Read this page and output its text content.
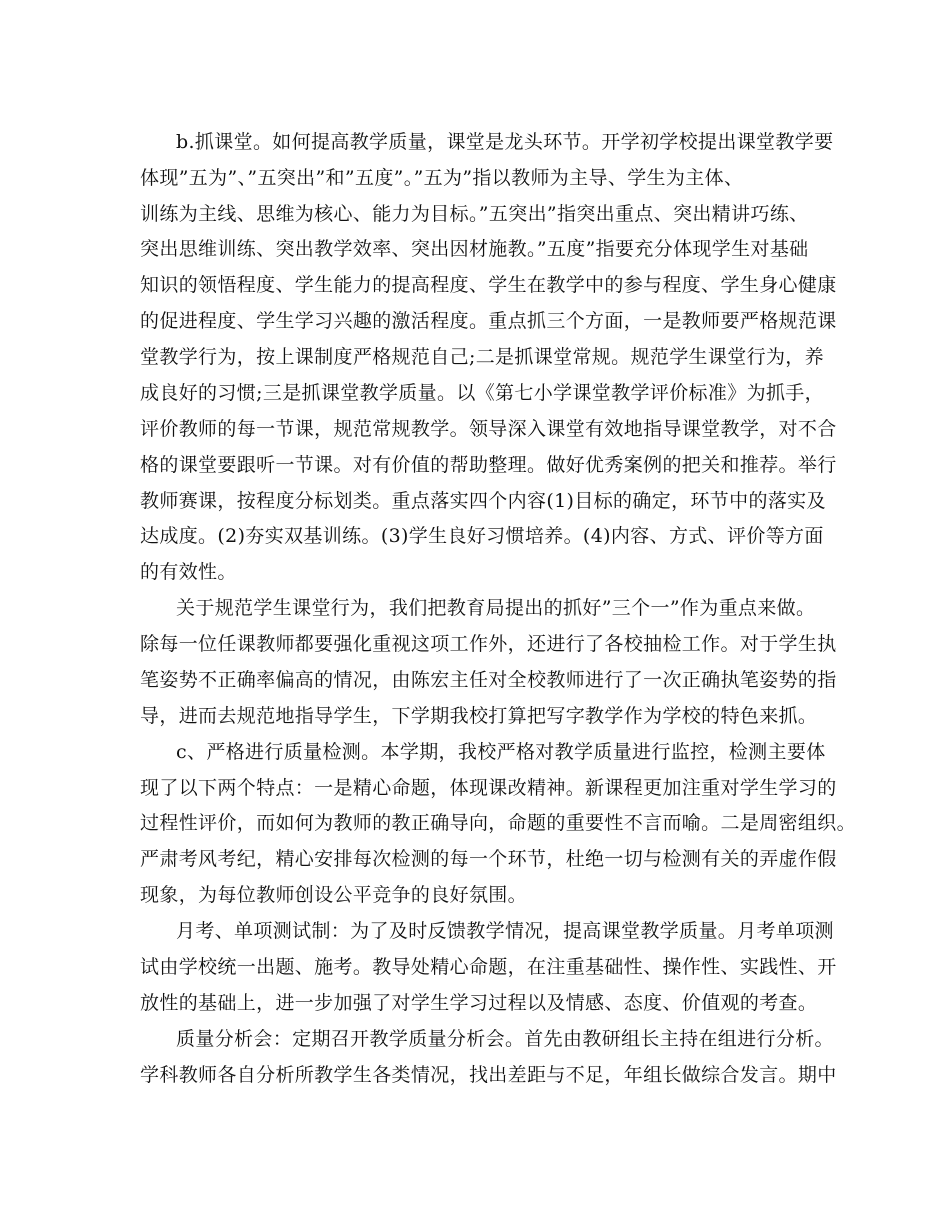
b.抓课堂。如何提高教学质量，课堂是龙头环节。开学初学校提出课堂教学要
体现”五为”、”五突出”和”五度”。”五为”指以教师为主导、学生为主体、
训练为主线、思维为核心、能力为目标。”五突出”指突出重点、突出精讲巧练、
突出思维训练、突出教学效率、突出因材施教。”五度”指要充分体现学生对基础
知识的领悟程度、学生能力的提高程度、学生在教学中的参与程度、学生身心健康
的促进程度、学生学习兴趣的激活程度。重点抓三个方面，一是教师要严格规范课
堂教学行为，按上课制度严格规范自己;二是抓课堂常规。规范学生课堂行为，养
成良好的习惯;三是抓课堂教学质量。以《第七小学课堂教学评价标准》为抓手，
评价教师的每一节课，规范常规教学。领导深入课堂有效地指导课堂教学，对不合
格的课堂要跟听一节课。对有价值的帮助整理。做好优秀案例的把关和推荐。举行
教师赛课，按程度分标划类。重点落实四个内容(1)目标的确定，环节中的落实及
达成度。(2)夯实双基训练。(3)学生良好习惯培养。(4)内容、方式、评价等方面
的有效性。
关于规范学生课堂行为，我们把教育局提出的抓好”三个一”作为重点来做。
除每一位任课教师都要强化重视这项工作外，还进行了各校抽检工作。对于学生执
笔姿势不正确率偏高的情况，由陈宏主任对全校教师进行了一次正确执笔姿势的指
导，进而去规范地指导学生，下学期我校打算把写字教学作为学校的特色来抓。
c、严格进行质量检测。本学期，我校严格对教学质量进行监控，检测主要体
现了以下两个特点：一是精心命题，体现课改精神。新课程更加注重对学生学习的
过程性评价，而如何为教师的教正确导向，命题的重要性不言而喻。二是周密组织。
严肃考风考纪，精心安排每次检测的每一个环节，杜绝一切与检测有关的弄虚作假
现象，为每位教师创设公平竞争的良好氛围。
月考、单项测试制：为了及时反馈教学情况，提高课堂教学质量。月考单项测
试由学校统一出题、施考。教导处精心命题，在注重基础性、操作性、实践性、开
放性的基础上，进一步加强了对学生学习过程以及情感、态度、价值观的考查。
质量分析会：定期召开教学质量分析会。首先由教研组长主持在组进行分析。
学科教师各自分析所教学生各类情况，找出差距与不足，年组长做综合发言。期中
